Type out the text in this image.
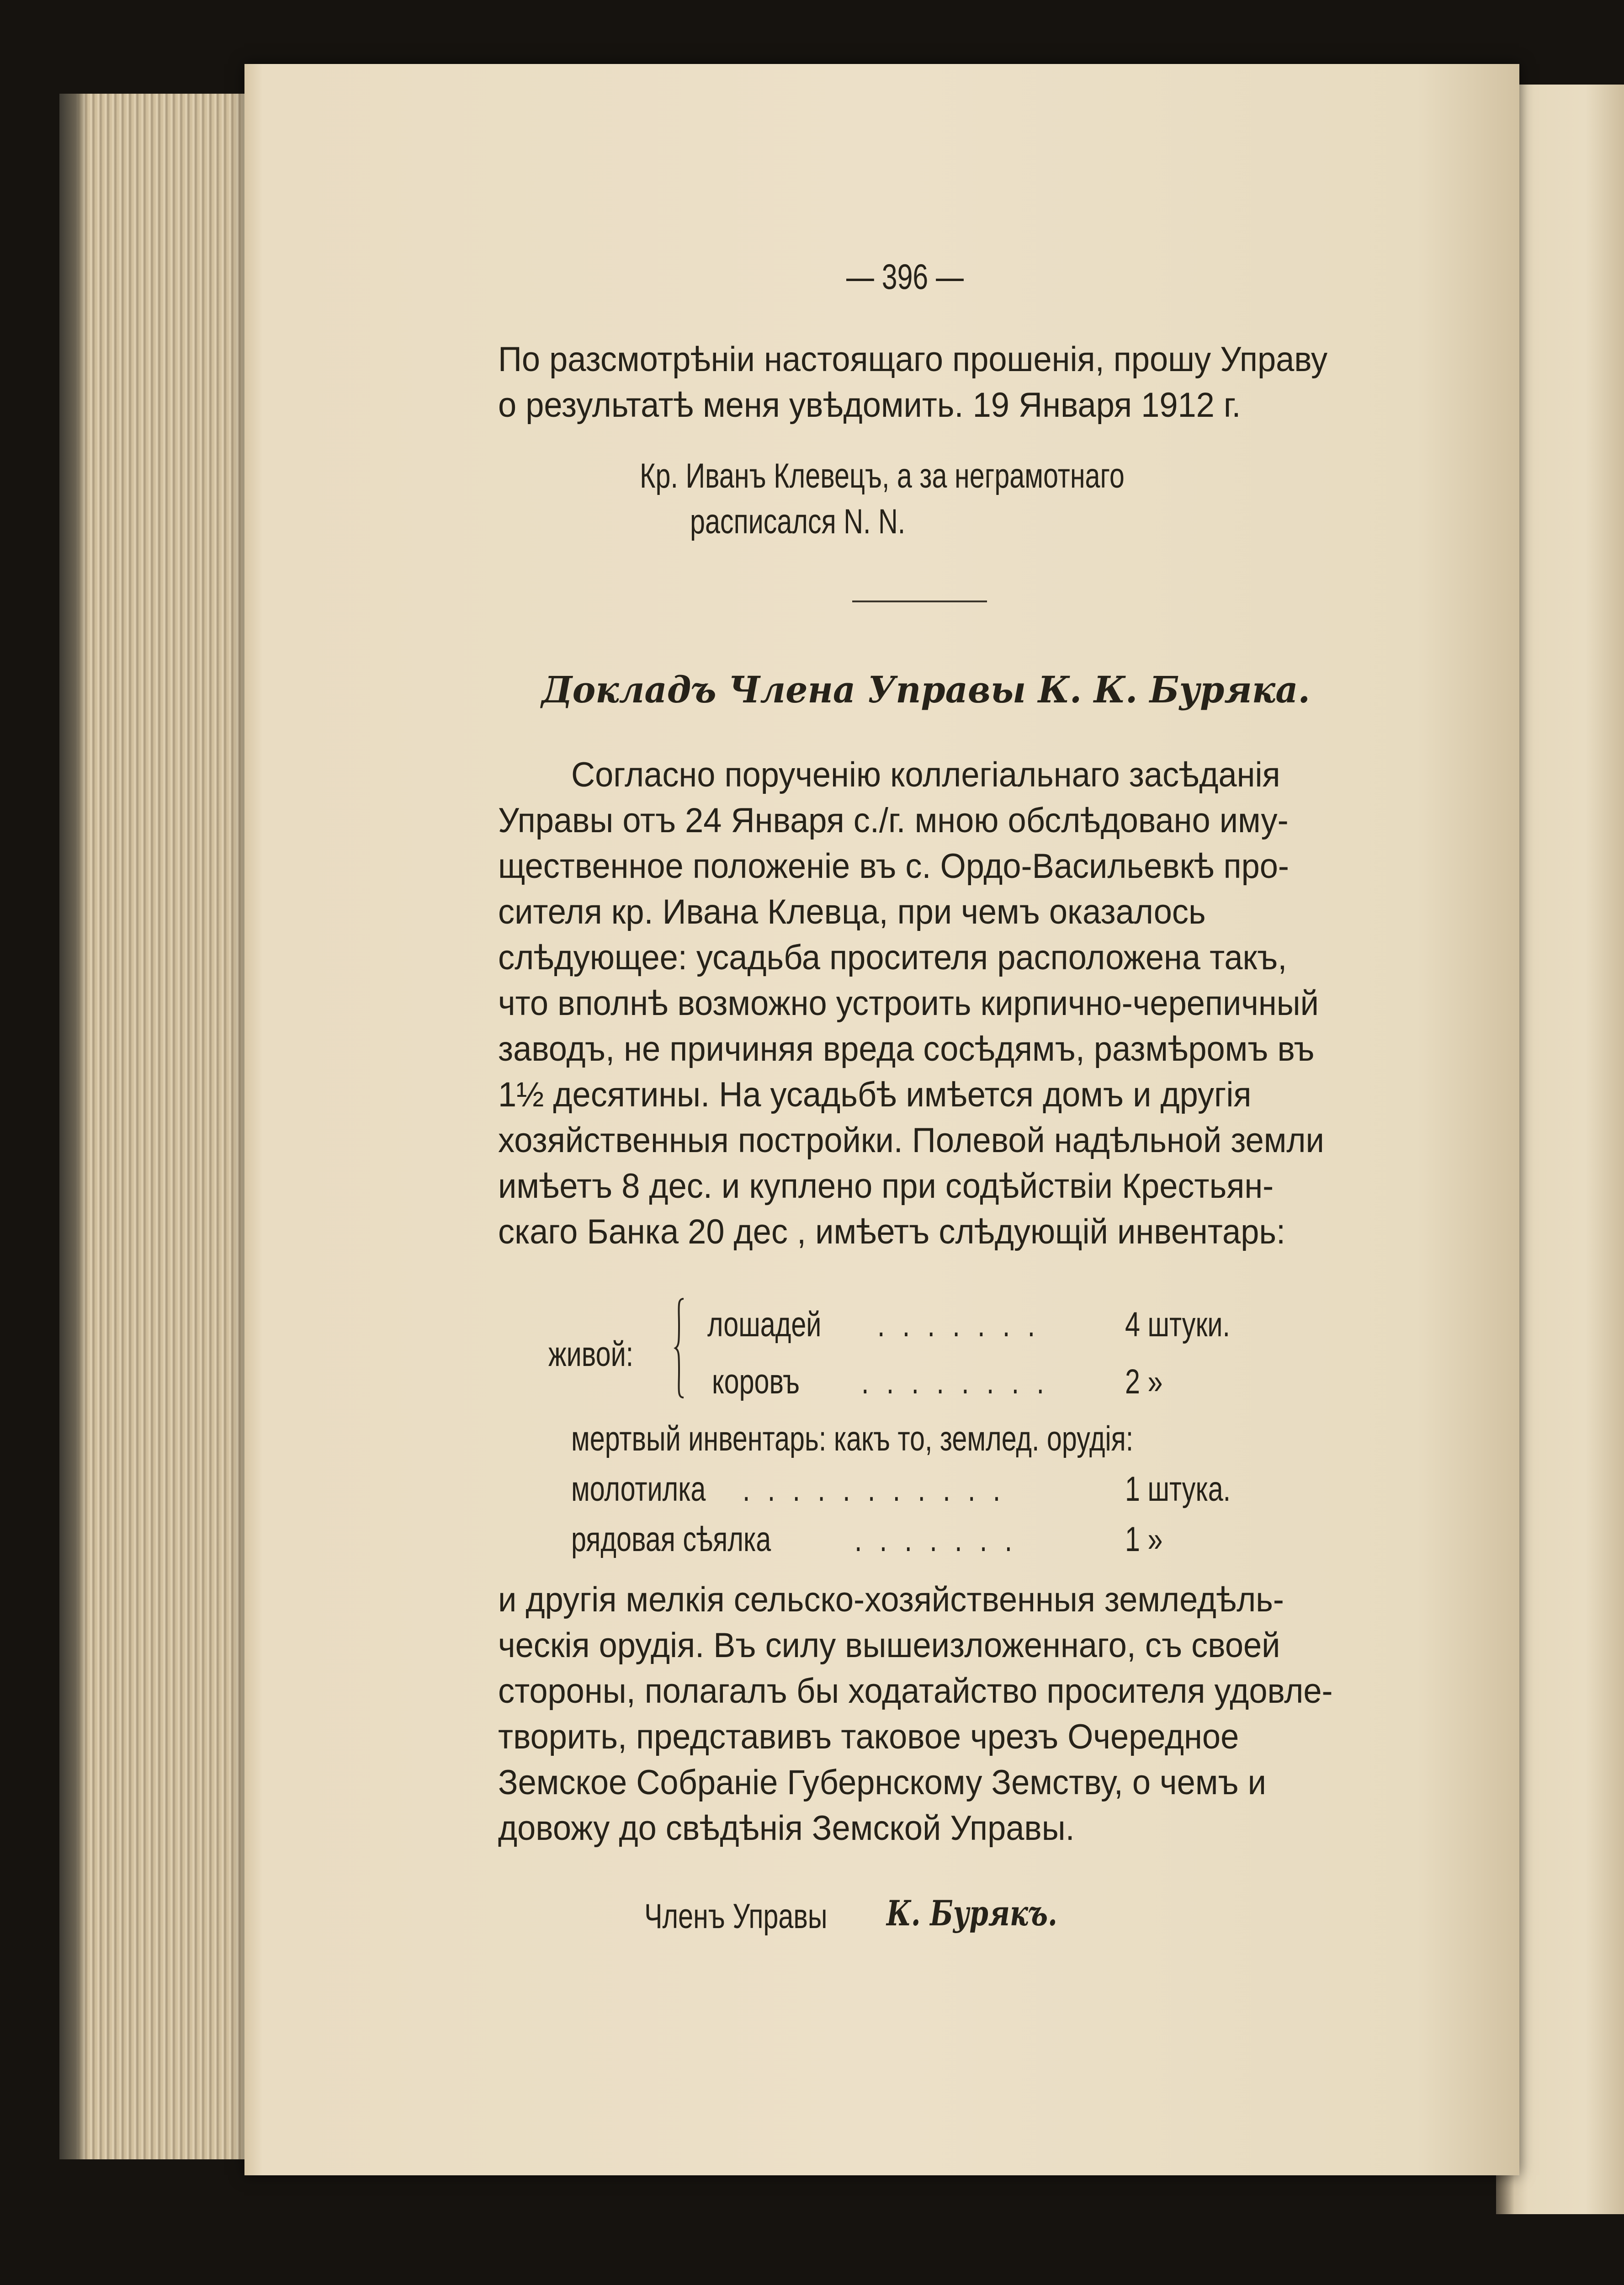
— 396 —
По разсмотрѣніи настоящаго прошенія, прошу Управу
о результатѣ меня увѣдомить. 19 Января 1912 г.
Кр. Иванъ Клевецъ, а за неграмотнаго
расписался N. N.
Докладъ Члена Управы К. К. Буряка.
Согласно порученію коллегіальнаго засѣданія
Управы отъ 24 Января с./г. мною обслѣдовано иму-
щественное положеніе въ с. Ордо-Васильевкѣ про-
сителя кр. Ивана Клевца, при чемъ оказалось
слѣдующее: усадьба просителя расположена такъ,
что вполнѣ возможно устроить кирпично-черепичный
заводъ, не причиняя вреда сосѣдямъ, размѣромъ въ
1½ десятины. На усадьбѣ имѣется домъ и другія
хозяйственныя постройки. Полевой надѣльной земли
имѣетъ 8 дес. и куплено при содѣйствіи Крестьян-
скаго Банка 20 дес , имѣетъ слѣдующій инвентарь:
живой:
лошадей . . . . . . . 4 штуки.
коровъ . . . . . . . . 2 »
мертвый инвентарь: какъ то, землед. орудія:
молотилка . . . . . . . . . . .	1 штука.
рядовая сѣялка . . . . . . .	1 »
и другія мелкія сельско-хозяйственныя земледѣль-
ческія орудія. Въ силу вышеизложеннаго, съ своей
стороны, полагалъ бы ходатайство просителя удовле-
творить, представивъ таковое чрезъ Очередное
Земское Собраніе Губернскому Земству, о чемъ и
довожу до свѣдѣнія Земской Управы.
Членъ Управы К. Бурякъ.
